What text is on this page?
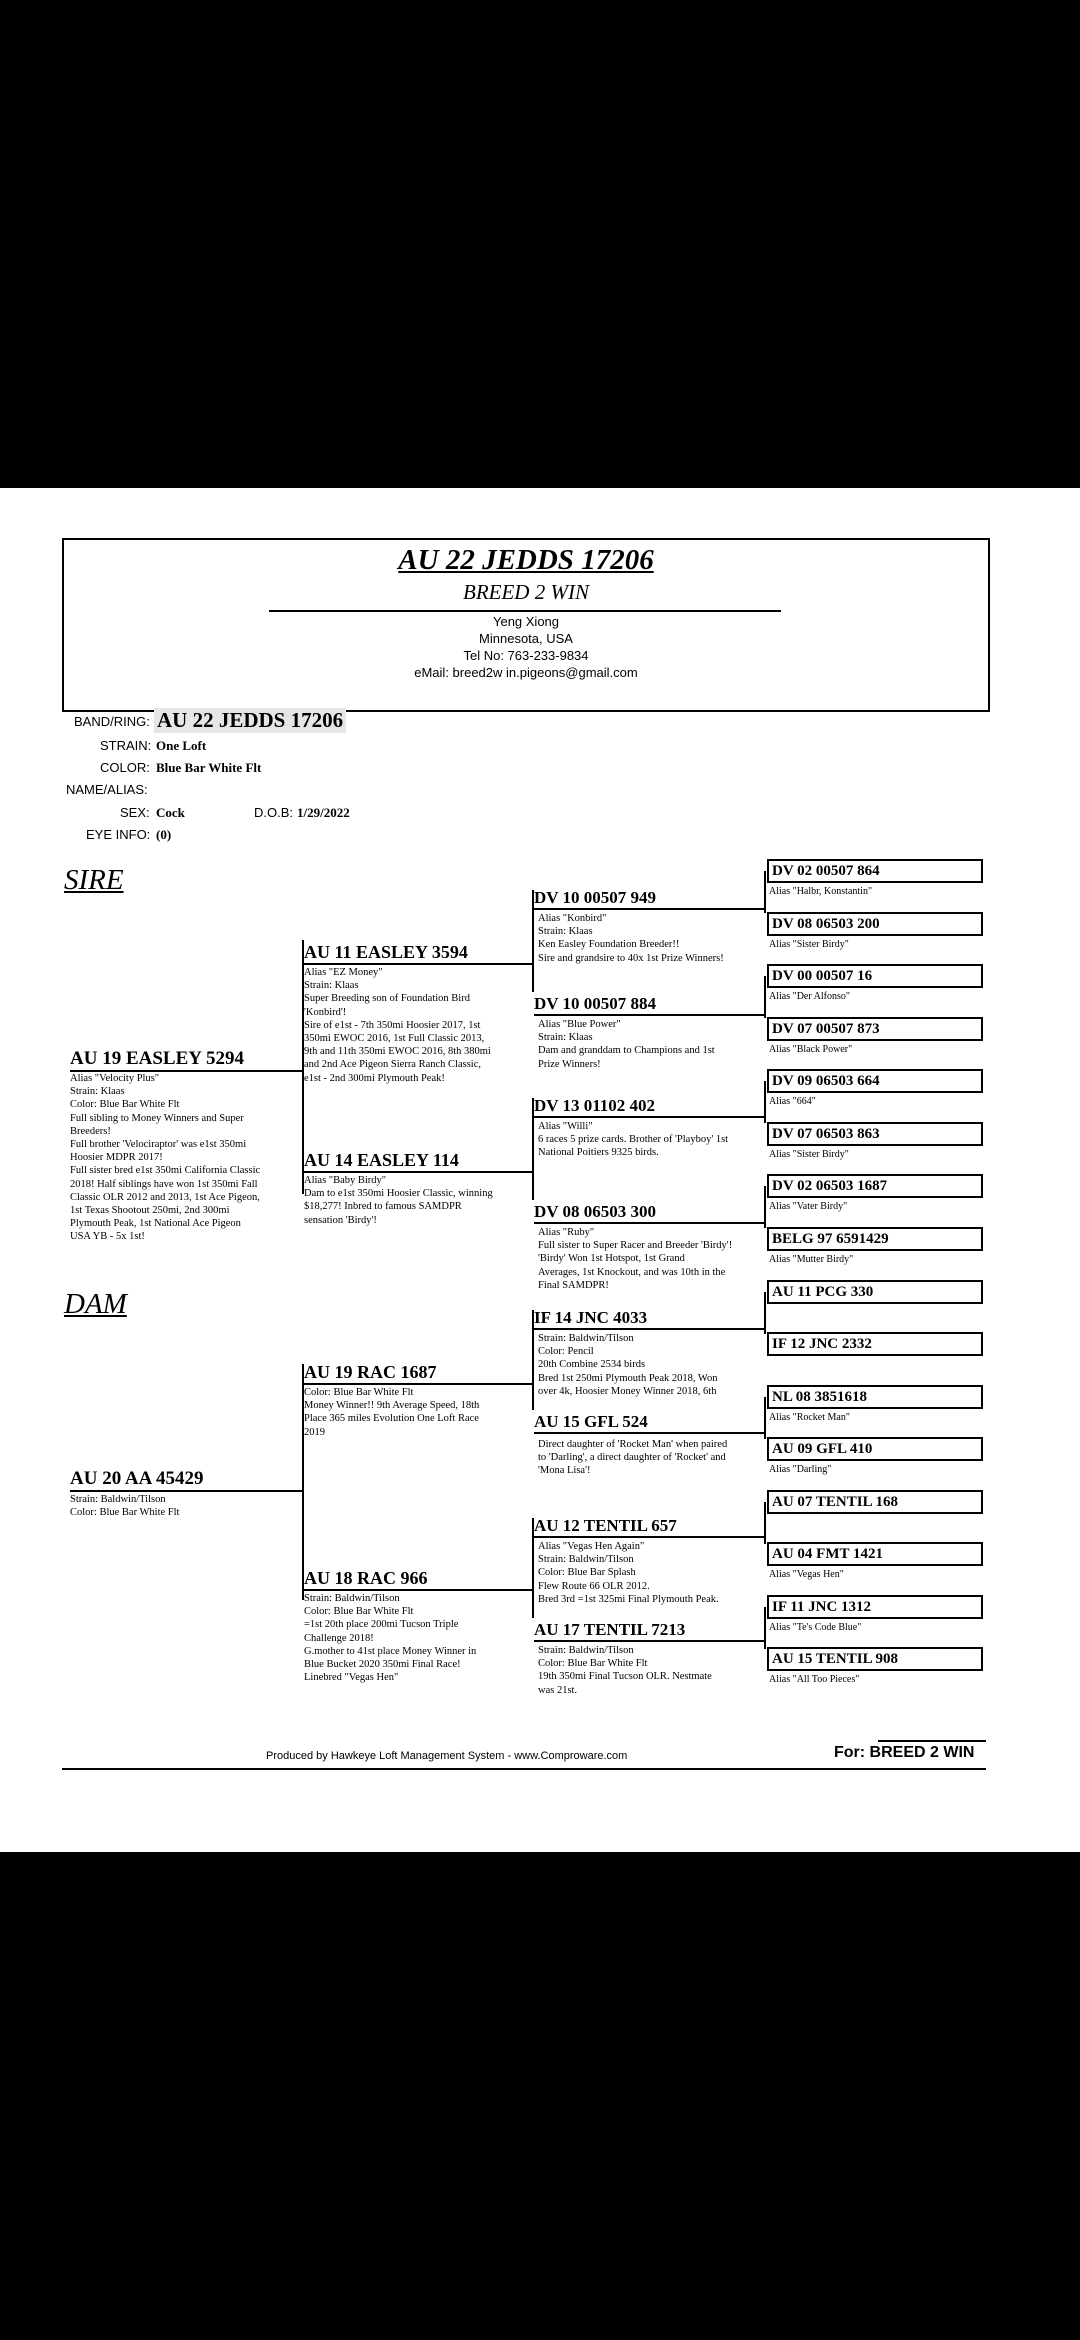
AU 22 JEDDS 17206
BREED 2 WIN
Yeng Xiong
Minnesota, USA
Tel No: 763-233-9834
eMail: breed2w in.pigeons@gmail.com
BAND/RING: AU 22 JEDDS 17206
STRAIN: One Loft
COLOR: Blue Bar White Flt
NAME/ALIAS:
SEX: Cock	D.O.B: 1/29/2022
EYE INFO: (0)
SIRE
DAM
AU 19 EASLEY 5294
Alias "Velocity Plus"
Strain: Klaas
Color: Blue Bar White Flt
Full sibling to Money Winners and Super
Breeders!
Full brother 'Velociraptor' was e1st 350mi
Hoosier MDPR 2017!
Full sister bred e1st 350mi California Classic
2018! Half siblings have won 1st 350mi Fall
Classic OLR 2012 and 2013, 1st Ace Pigeon,
1st Texas Shootout 250mi, 2nd 300mi
Plymouth Peak, 1st National Ace Pigeon
USA YB - 5x 1st!
AU 20 AA 45429
Strain: Baldwin/Tilson
Color: Blue Bar White Flt
AU 11 EASLEY 3594
Alias "EZ Money"
Strain: Klaas
Super Breeding son of Foundation Bird
'Konbird'!
Sire of e1st - 7th 350mi Hoosier 2017, 1st
350mi EWOC 2016, 1st Full Classic 2013,
9th and 11th 350mi EWOC 2016, 8th 380mi
and 2nd Ace Pigeon Sierra Ranch Classic,
e1st - 2nd 300mi Plymouth Peak!
AU 14 EASLEY 114
Alias "Baby Birdy"
Dam to e1st 350mi Hoosier Classic, winning
$18,277! Inbred to famous SAMDPR
sensation 'Birdy'!
AU 19 RAC 1687
Color: Blue Bar White Flt
Money Winner!! 9th Average Speed, 18th
Place 365 miles Evolution One Loft Race
2019
AU 18 RAC 966
Strain: Baldwin/Tilson
Color: Blue Bar White Flt
=1st 20th place 200mi Tucson Triple
Challenge 2018!
G.mother to 41st place Money Winner in
Blue Bucket 2020 350mi Final Race!
Linebred "Vegas Hen"
DV 10 00507 949
Alias "Konbird"
Strain: Klaas
Ken Easley Foundation Breeder!!
Sire and grandsire to 40x 1st Prize Winners!
DV 10 00507 884
Alias "Blue Power"
Strain: Klaas
Dam and granddam to Champions and 1st
Prize Winners!
DV 13 01102 402
Alias "Willi"
6 races 5 prize cards. Brother of 'Playboy' 1st
National Poitiers 9325 birds.
DV 08 06503 300
Alias "Ruby"
Full sister to Super Racer and Breeder 'Birdy'!
'Birdy' Won 1st Hotspot, 1st Grand
Averages, 1st Knockout, and was 10th in the
Final SAMDPR!
IF 14 JNC 4033
Strain: Baldwin/Tilson
Color: Pencil
20th Combine 2534 birds
Bred 1st 250mi Plymouth Peak 2018, Won
over 4k, Hoosier Money Winner 2018, 6th
AU 15 GFL 524
Direct daughter of 'Rocket Man' when paired
to 'Darling', a direct daughter of 'Rocket' and
'Mona Lisa'!
AU 12 TENTIL 657
Alias "Vegas Hen Again"
Strain: Baldwin/Tilson
Color: Blue Bar Splash
Flew Route 66 OLR 2012.
Bred 3rd =1st 325mi Final Plymouth Peak.
AU 17 TENTIL 7213
Strain: Baldwin/Tilson
Color: Blue Bar White Flt
19th 350mi Final Tucson OLR. Nestmate
was 21st.
DV 02 00507 864
Alias "Halbr, Konstantin"
DV 08 06503 200
Alias "Sister Birdy"
DV 00 00507 16
Alias "Der Alfonso"
DV 07 00507 873
Alias "Black Power"
DV 09 06503 664
Alias "664"
DV 07 06503 863
Alias "Sister Birdy"
DV 02 06503 1687
Alias "Vater Birdy"
BELG 97 6591429
Alias "Mutter Birdy"
AU 11 PCG 330
IF 12 JNC 2332
NL 08 3851618
Alias "Rocket Man"
AU 09 GFL 410
Alias "Darling"
AU 07 TENTIL 168
AU 04 FMT 1421
Alias "Vegas Hen"
IF 11 JNC 1312
Alias "Te's Code Blue"
AU 15 TENTIL 908
Alias "All Too Pieces"
Produced by Hawkeye Loft Management System - www.Comproware.com	For: BREED 2 WIN
